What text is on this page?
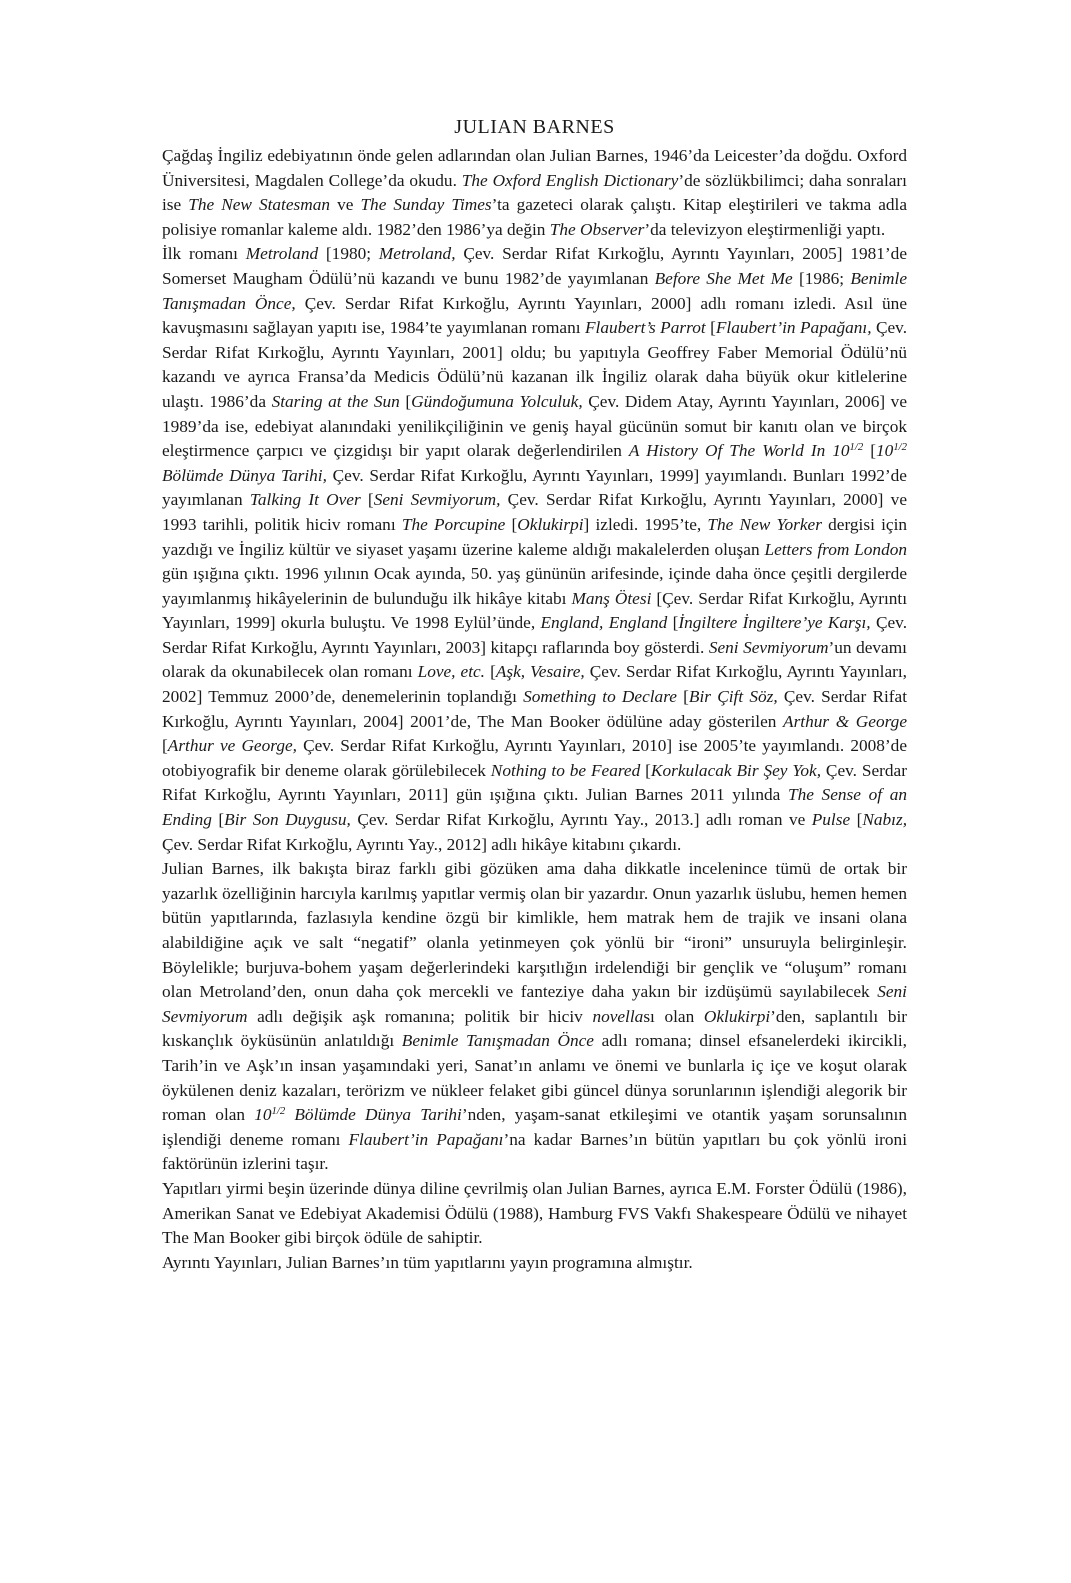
JULIAN BARNES

Çağdaş İngiliz edebiyatının önde gelen adlarından olan Julian Barnes, 1946’da Leicester’da doğdu. Oxford Üniversitesi, Magdalen College’da okudu. The Oxford English Dictionary’de sözlükbilimci; daha sonraları ise The New Statesman ve The Sunday Times’ta gazeteci olarak çalıştı. Kitap eleştirileri ve takma adla polisiye romanlar kaleme aldı. 1982’den 1986’ya değin The Observer’da televizyon eleştirmenliği yaptı.

İlk romanı Metroland [1980; Metroland, Çev. Serdar Rifat Kırkoğlu, Ayrıntı Yayınları, 2005] 1981’de Somerset Maugham Ödülü’nü kazandı ve bunu 1982’de yayımlanan Before She Met Me [1986; Benimle Tanışmadan Önce, Çev. Serdar Rifat Kırkoğlu, Ayrıntı Yayınları, 2000] adlı romanı izledi. Asıl üne kavuşmasını sağlayan yapıtı ise, 1984’te yayımlanan romanı Flaubert’s Parrot [Flaubert’in Papağanı, Çev. Serdar Rifat Kırkoğlu, Ayrıntı Yayınları, 2001] oldu; bu yapıtıyla Geoffrey Faber Memorial Ödülü’nü kazandı ve ayrıca Fransa’da Medicis Ödülü’nü kazanan ilk İngiliz olarak daha büyük okur kitlelerine ulaştı. 1986’da Staring at the Sun [Gündoğumuna Yolculuk, Çev. Didem Atay, Ayrıntı Yayınları, 2006] ve 1989’da ise, edebiyat alanındaki yenilikçiliğinin ve geniş hayal gücünün somut bir kanıtı olan ve birçok eleştirmence çarpıcı ve çizgidışı bir yapıt olarak değerlendirilen A History Of The World In $10^{1/2}$ [$10^{1/2}$ Bölümde Dünya Tarihi, Çev. Serdar Rifat Kırkoğlu, Ayrıntı Yayınları, 1999] yayımlandı. Bunları 1992’de yayımlanan Talking It Over [Seni Sevmiyorum, Çev. Serdar Rifat Kırkoğlu, Ayrıntı Yayınları, 2000] ve 1993 tarihli, politik hiciv romanı The Porcupine [Oklukirpi] izledi. 1995’te, The New Yorker dergisi için yazdığı ve İngiliz kültür ve siyaset yaşamı üzerine kaleme aldığı makalelerden oluşan Letters from London gün ışığına çıktı. 1996 yılının Ocak ayında, 50. yaş gününün arifesinde, içinde daha önce çeşitli dergilerde yayımlanmış hikâyelerinin de bulunduğu ilk hikâye kitabı Manş Ötesi [Çev. Serdar Rifat Kırkoğlu, Ayrıntı Yayınları, 1999] okurla buluştu. Ve 1998 Eylül’ünde, England, England [İngiltere İngiltere’ye Karşı, Çev. Serdar Rifat Kırkoğlu, Ayrıntı Yayınları, 2003] kitapçı raflarında boy gösterdi. Seni Sevmiyorum’un devamı olarak da okunabilecek olan romanı Love, etc. [Aşk, Vesaire, Çev. Serdar Rifat Kırkoğlu, Ayrıntı Yayınları, 2002] Temmuz 2000’de, denemelerinin toplandığı Something to Declare [Bir Çift Söz, Çev. Serdar Rifat Kırkoğlu, Ayrıntı Yayınları, 2004] 2001’de, The Man Booker ödülüne aday gösterilen Arthur & George [Arthur ve George, Çev. Serdar Rifat Kırkoğlu, Ayrıntı Yayınları, 2010] ise 2005’te yayımlandı. 2008’de otobiyografik bir deneme olarak görülebilecek Nothing to be Feared [Korkulacak Bir Şey Yok, Çev. Serdar Rifat Kırkoğlu, Ayrıntı Yayınları, 2011] gün ışığına çıktı. Julian Barnes 2011 yılında The Sense of an Ending [Bir Son Duygusu, Çev. Serdar Rifat Kırkoğlu, Ayrıntı Yay., 2013.] adlı roman ve Pulse [Nabız, Çev. Serdar Rifat Kırkoğlu, Ayrıntı Yay., 2012] adlı hikâye kitabını çıkardı.

Julian Barnes, ilk bakışta biraz farklı gibi gözüken ama daha dikkatle incelenince tümü de ortak bir yazarlık özelliğinin harcıyla karılmış yapıtlar vermiş olan bir yazardır. Onun yazarlık üslubu, hemen hemen bütün yapıtlarında, fazlasıyla kendine özgü bir kimlikle, hem matrak hem de trajik ve insani olana alabildiğine açık ve salt “negatif” olanla yetinmeyen çok yönlü bir “ironi” unsuruyla belirginleşir. Böylelikle; burjuva-bohem yaşam değerlerindeki karşıtlığın irdelendiği bir gençlik ve “oluşum” romanı olan Metroland’den, onun daha çok mercekli ve fanteziye daha yakın bir izdüşümü sayılabilecek Seni Sevmiyorum adlı değişik aşk romanına; politik bir hiciv novellası olan Oklukirpi’den, saplantılı bir kıskançlık öyküsünün anlatıldığı Benimle Tanışmadan Önce adlı romana; dinsel efsanelerdeki ikircikli, Tarih’in ve Aşk’ın insan yaşamındaki yeri, Sanat’ın anlamı ve önemi ve bunlarla iç içe ve koşut olarak öykülenen deniz kazaları, terörizm ve nükleer felaket gibi güncel dünya sorunlarının işlendiği alegorik bir roman olan $10^{1/2}$ Bölümde Dünya Tarihi’nden, yaşam-sanat etkileşimi ve otantik yaşam sorunsalının işlendiği deneme romanı Flaubert’in Papağanı’na kadar Barnes’ın bütün yapıtları bu çok yönlü ironi faktörünün izlerini taşır.

Yapıtları yirmi beşin üzerinde dünya diline çevrilmiş olan Julian Barnes, ayrıca E.M. Forster Ödülü (1986), Amerikan Sanat ve Edebiyat Akademisi Ödülü (1988), Hamburg FVS Vakfı Shakespeare Ödülü ve nihayet The Man Booker gibi birçok ödüle de sahiptir.

Ayrıntı Yayınları, Julian Barnes’ın tüm yapıtlarını yayın programına almıştır.
